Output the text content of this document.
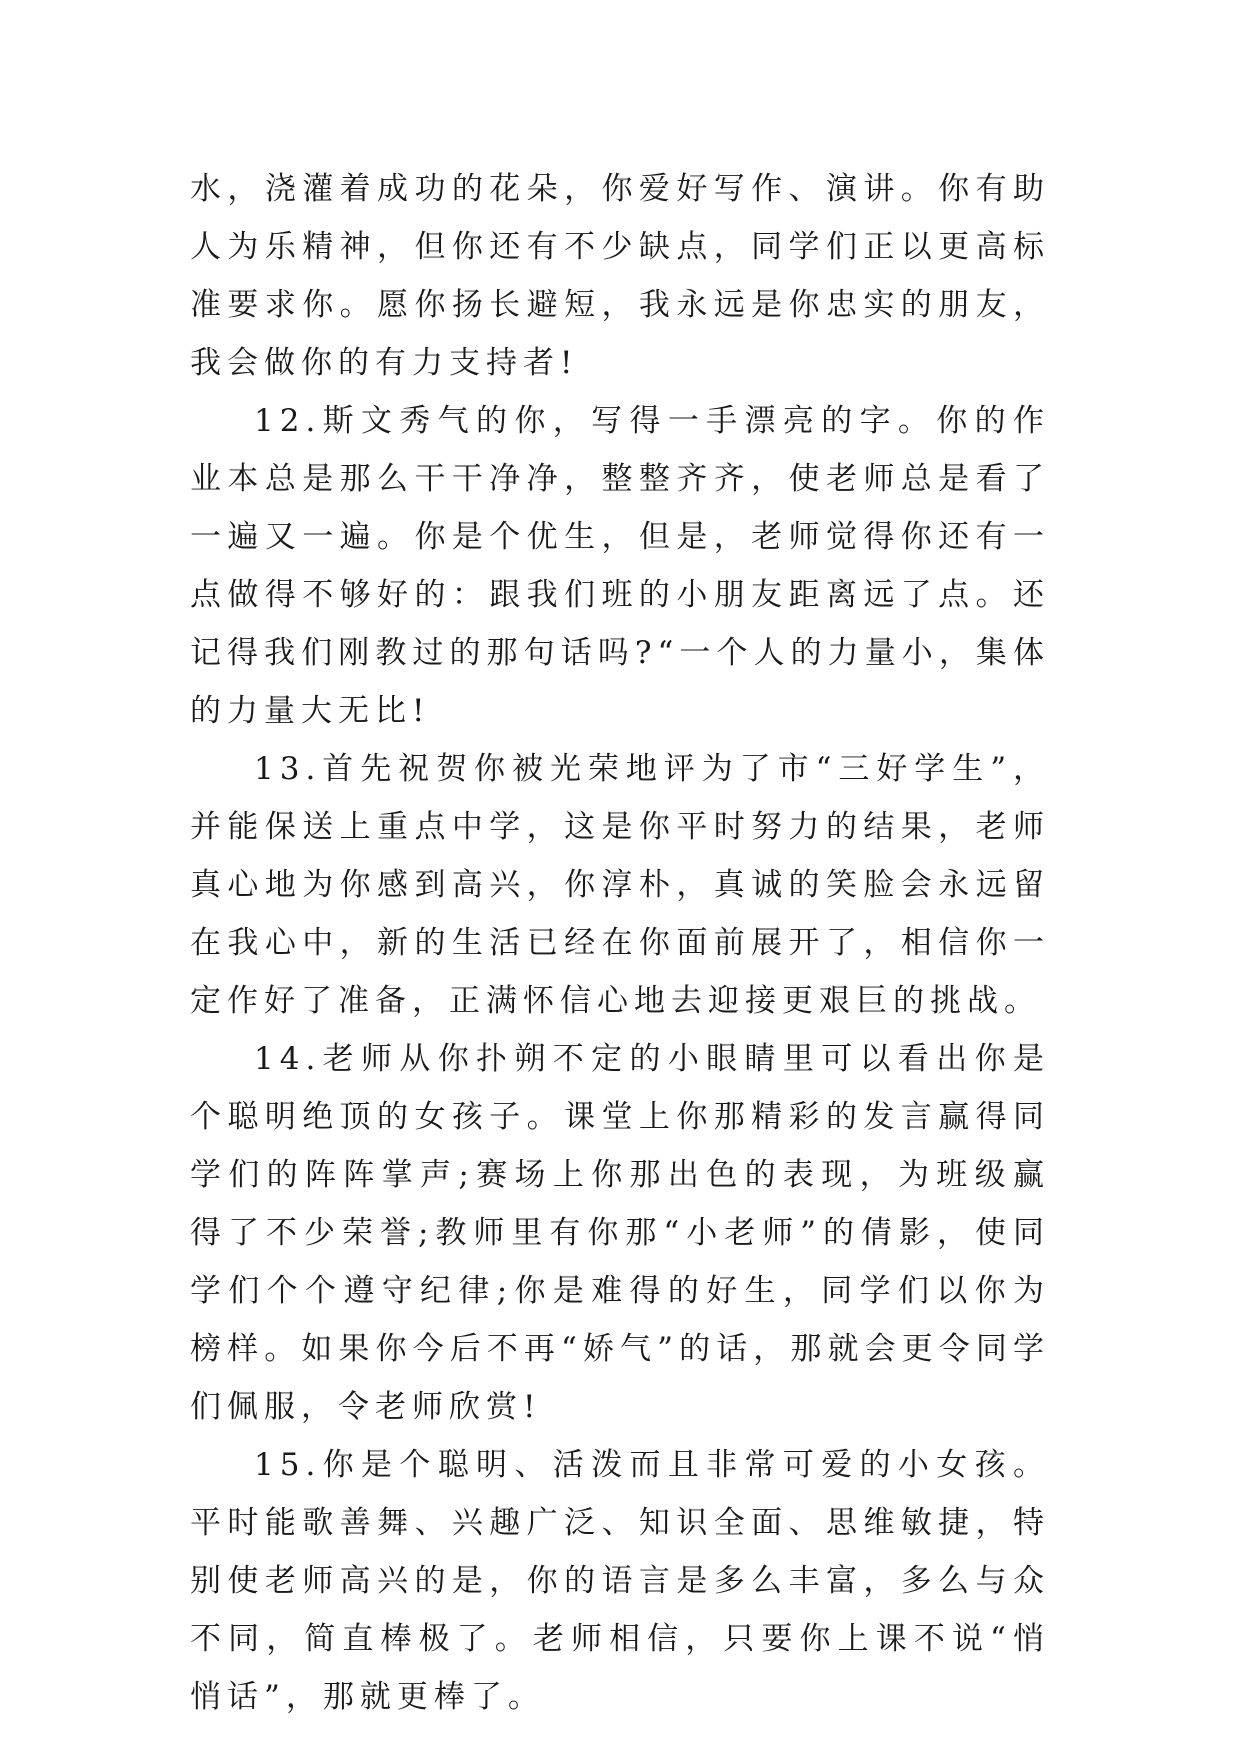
水，浇灌着成功的花朵，你爱好写作、演讲。你有助人为乐精神，但你还有不少缺点，同学们正以更高标准要求你。愿你扬长避短，我永远是你忠实的朋友，我会做你的有力支持者!

12.斯文秀气的你，写得一手漂亮的字。你的作业本总是那么干干净净，整整齐齐，使老师总是看了一遍又一遍。你是个优生，但是，老师觉得你还有一点做得不够好的：跟我们班的小朋友距离远了点。还记得我们刚教过的那句话吗?“一个人的力量小，集体的力量大无比!

13.首先祝贺你被光荣地评为了市“三好学生”，并能保送上重点中学，这是你平时努力的结果，老师真心地为你感到高兴，你淳朴，真诚的笑脸会永远留在我心中，新的生活已经在你面前展开了，相信你一定作好了准备，正满怀信心地去迎接更艰巨的挑战。

14.老师从你扑朔不定的小眼睛里可以看出你是个聪明绝顶的女孩子。课堂上你那精彩的发言赢得同学们的阵阵掌声;赛场上你那出色的表现，为班级赢得了不少荣誉;教师里有你那“小老师”的倩影，使同学们个个遵守纪律;你是难得的好生，同学们以你为榜样。如果你今后不再“娇气”的话，那就会更令同学们佩服，令老师欣赏!

15.你是个聪明、活泼而且非常可爱的小女孩。平时能歌善舞、兴趣广泛、知识全面、思维敏捷，特别使老师高兴的是，你的语言是多么丰富，多么与众不同，简直棒极了。老师相信，只要你上课不说“悄悄话”，那就更棒了。
